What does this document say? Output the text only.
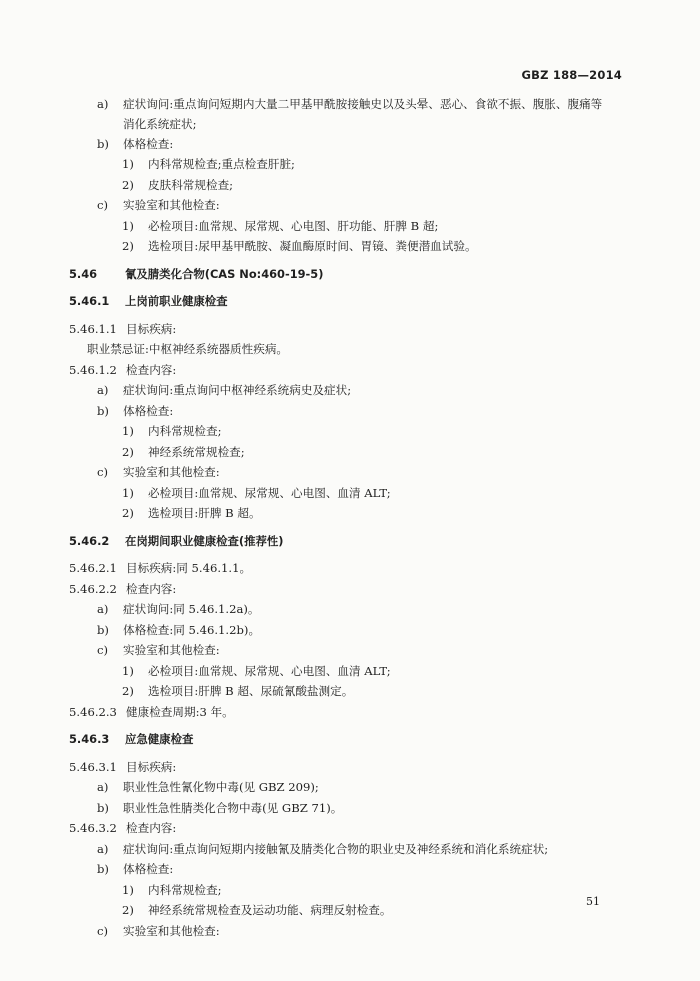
GBZ 188—2014
a) 症状询问:重点询问短期内大量二甲基甲酰胺接触史以及头晕、恶心、食欲不振、腹胀、腹痛等
消化系统症状;
b) 体格检查:
1) 内科常规检查;重点检查肝脏;
2) 皮肤科常规检查;
c) 实验室和其他检查:
1) 必检项目:血常规、尿常规、心电图、肝功能、肝脾 B 超;
2) 选检项目:尿甲基甲酰胺、凝血酶原时间、胃镜、粪便潜血试验。
5.46 氰及腈类化合物(CAS No:460-19-5)
5.46.1 上岗前职业健康检查
5.46.1.1 目标疾病:
职业禁忌证:中枢神经系统器质性疾病。
5.46.1.2 检查内容:
a) 症状询问:重点询问中枢神经系统病史及症状;
b) 体格检查:
1) 内科常规检查;
2) 神经系统常规检查;
c) 实验室和其他检查:
1) 必检项目:血常规、尿常规、心电图、血清 ALT;
2) 选检项目:肝脾 B 超。
5.46.2 在岗期间职业健康检查(推荐性)
5.46.2.1 目标疾病:同 5.46.1.1。
5.46.2.2 检查内容:
a) 症状询问:同 5.46.1.2a)。
b) 体格检查:同 5.46.1.2b)。
c) 实验室和其他检查:
1) 必检项目:血常规、尿常规、心电图、血清 ALT;
2) 选检项目:肝脾 B 超、尿硫氰酸盐测定。
5.46.2.3 健康检查周期:3 年。
5.46.3 应急健康检查
5.46.3.1 目标疾病:
a) 职业性急性氰化物中毒(见 GBZ 209);
b) 职业性急性腈类化合物中毒(见 GBZ 71)。
5.46.3.2 检查内容:
a) 症状询问:重点询问短期内接触氰及腈类化合物的职业史及神经系统和消化系统症状;
b) 体格检查:
1) 内科常规检查;
2) 神经系统常规检查及运动功能、病理反射检查。
c) 实验室和其他检查:
51
